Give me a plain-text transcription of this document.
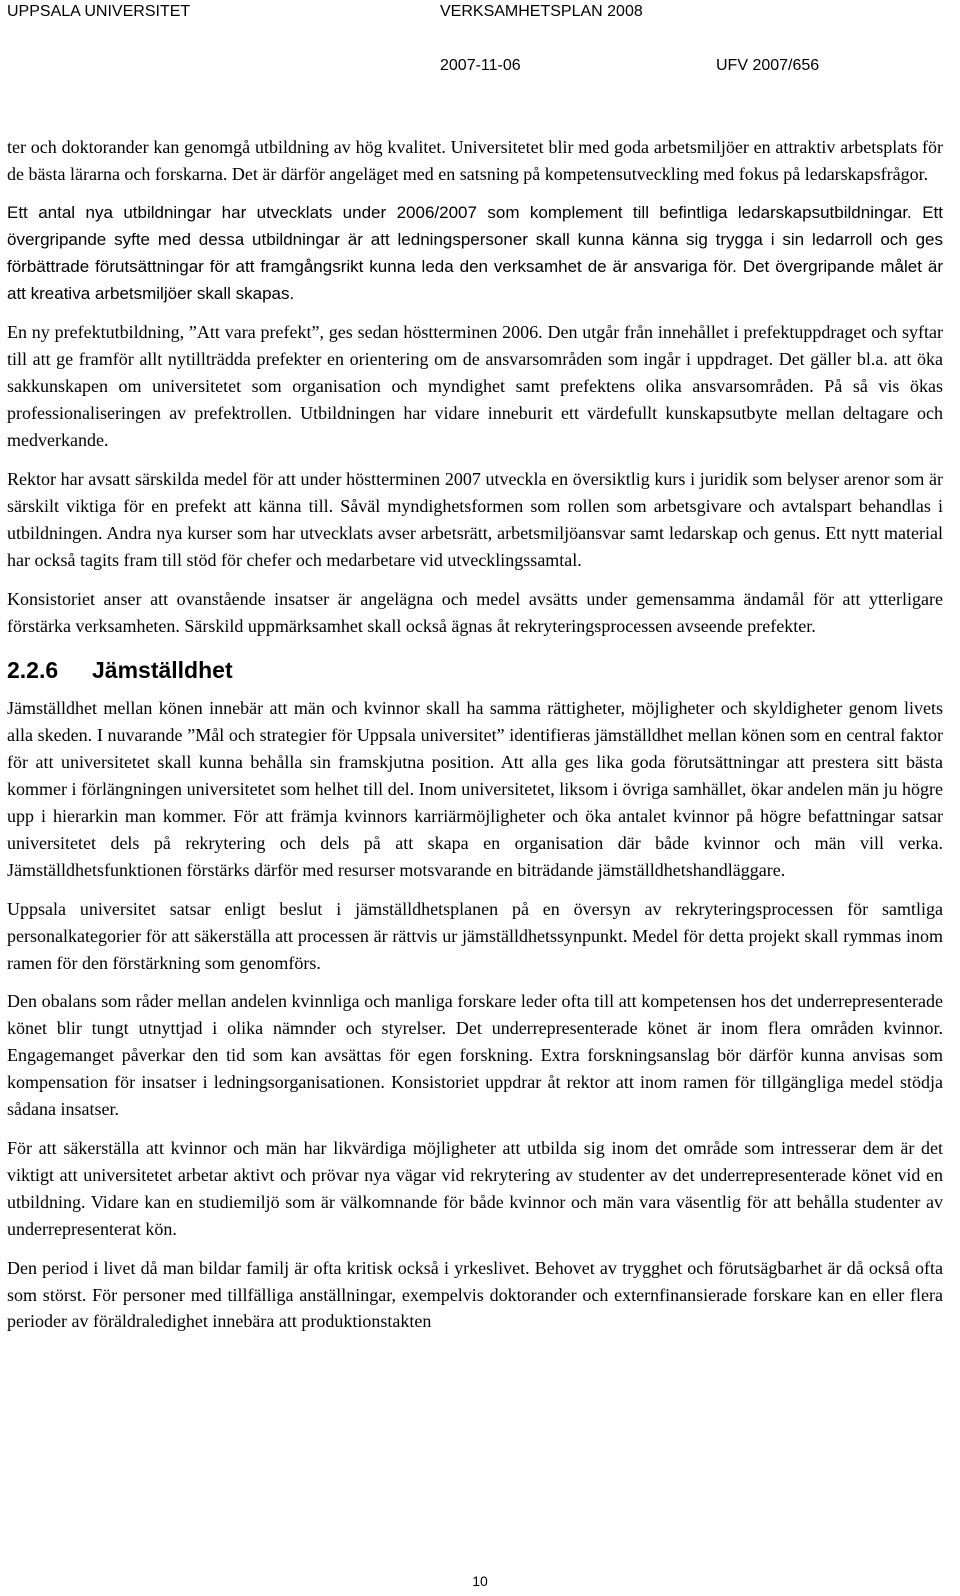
UPPSALA UNIVERSITET	VERKSAMHETSPLAN 2008
2007-11-06	UFV 2007/656

ter och doktorander kan genomgå utbildning av hög kvalitet. Universitetet blir med goda arbetsmiljöer en attraktiv arbetsplats för de bästa lärarna och forskarna. Det är därför angeläget med en satsning på kompetensutveckling med fokus på ledarskapsfrågor.

Ett antal nya utbildningar har utvecklats under 2006/2007 som komplement till befintliga ledarskapsutbildningar. Ett övergripande syfte med dessa utbildningar är att ledningspersoner skall kunna känna sig trygga i sin ledarroll och ges förbättrade förutsättningar för att framgångsrikt kunna leda den verksamhet de är ansvariga för. Det övergripande målet är att kreativa arbetsmiljöer skall skapas.

En ny prefektutbildning, ”Att vara prefekt”, ges sedan höstterminen 2006. Den utgår från innehållet i prefektuppdraget och syftar till att ge framför allt nytillträdda prefekter en orientering om de ansvarsområden som ingår i uppdraget. Det gäller bl.a. att öka sakkunskapen om universitetet som organisation och myndighet samt prefektens olika ansvarsområden. På så vis ökas professionaliseringen av prefektrollen. Utbildningen har vidare inneburit ett värdefullt kunskapsutbyte mellan deltagare och medverkande.

Rektor har avsatt särskilda medel för att under höstterminen 2007 utveckla en översiktlig kurs i juridik som belyser arenor som är särskilt viktiga för en prefekt att känna till. Såväl myndighetsformen som rollen som arbetsgivare och avtalspart behandlas i utbildningen. Andra nya kurser som har utvecklats avser arbetsrätt, arbetsmiljöansvar samt ledarskap och genus. Ett nytt material har också tagits fram till stöd för chefer och medarbetare vid utvecklingssamtal.

Konsistoriet anser att ovanstående insatser är angelägna och medel avsätts under gemensamma ändamål för att ytterligare förstärka verksamheten. Särskild uppmärksamhet skall också ägnas åt rekryteringsprocessen avseende prefekter.

2.2.6 Jämställdhet

Jämställdhet mellan könen innebär att män och kvinnor skall ha samma rättigheter, möjligheter och skyldigheter genom livets alla skeden. I nuvarande ”Mål och strategier för Uppsala universitet” identifieras jämställdhet mellan könen som en central faktor för att universitetet skall kunna behålla sin framskjutna position. Att alla ges lika goda förutsättningar att prestera sitt bästa kommer i förlängningen universitetet som helhet till del. Inom universitetet, liksom i övriga samhället, ökar andelen män ju högre upp i hierarkin man kommer. För att främja kvinnors karriärmöjligheter och öka antalet kvinnor på högre befattningar satsar universitetet dels på rekrytering och dels på att skapa en organisation där både kvinnor och män vill verka. Jämställdhetsfunktionen förstärks därför med resurser motsvarande en biträdande jämställdhetshandläggare.

Uppsala universitet satsar enligt beslut i jämställdhetsplanen på en översyn av rekryteringsprocessen för samtliga personalkategorier för att säkerställa att processen är rättvis ur jämställdhetssynpunkt. Medel för detta projekt skall rymmas inom ramen för den förstärkning som genomförs.

Den obalans som råder mellan andelen kvinnliga och manliga forskare leder ofta till att kompetensen hos det underrepresenterade könet blir tungt utnyttjad i olika nämnder och styrelser. Det underrepresenterade könet är inom flera områden kvinnor. Engagemanget påverkar den tid som kan avsättas för egen forskning. Extra forskningsanslag bör därför kunna anvisas som kompensation för insatser i ledningsorganisationen. Konsistoriet uppdrar åt rektor att inom ramen för tillgängliga medel stödja sådana insatser.

För att säkerställa att kvinnor och män har likvärdiga möjligheter att utbilda sig inom det område som intresserar dem är det viktigt att universitetet arbetar aktivt och prövar nya vägar vid rekrytering av studenter av det underrepresenterade könet vid en utbildning. Vidare kan en studiemiljö som är välkomnande för både kvinnor och män vara väsentlig för att behålla studenter av underrepresenterat kön.

Den period i livet då man bildar familj är ofta kritisk också i yrkeslivet. Behovet av trygghet och förutsägbarhet är då också ofta som störst. För personer med tillfälliga anställningar, exempelvis doktorander och externfinansierade forskare kan en eller flera perioder av föräldraledighet innebära att produktionstakten

10
